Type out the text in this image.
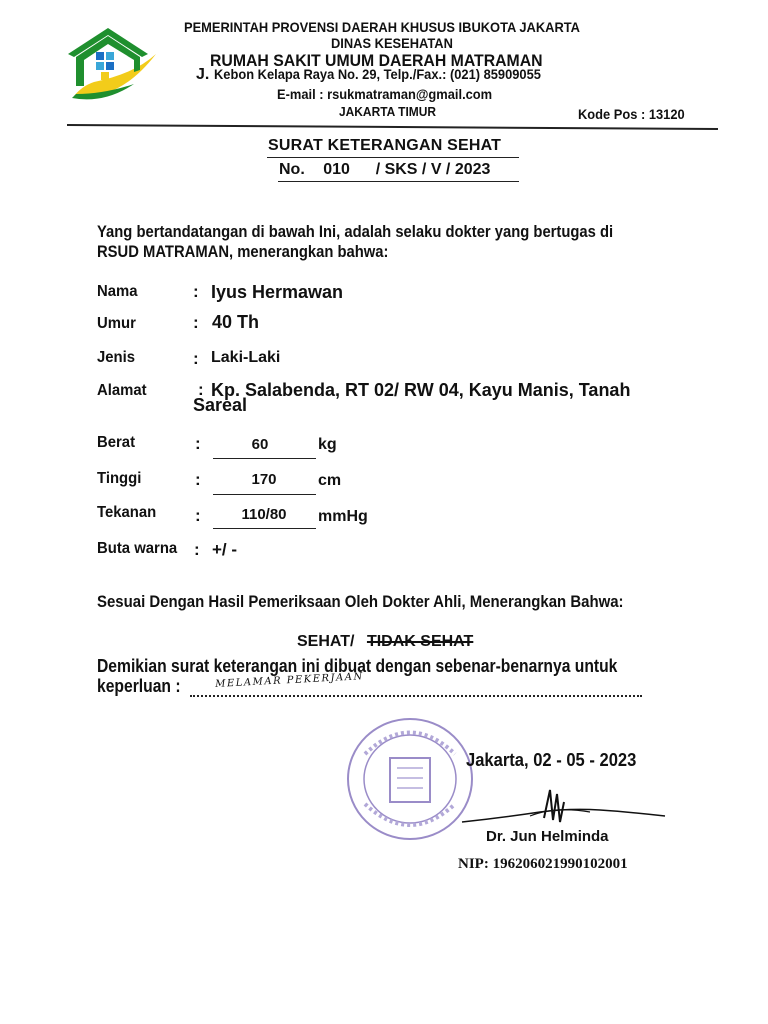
PEMERINTAH PROVENSI DAERAH KHUSUS IBUKOTA JAKARTA
DINAS KESEHATAN
RUMAH SAKIT UMUM DAERAH MATRAMAN
J. Kebon Kelapa Raya No. 29, Telp./Fax.: (021) 85909055
E-mail : rsukmatraman@gmail.com
JAKARTA TIMUR	Kode Pos : 13120
SURAT KETERANGAN SEHAT
No. 010 / SKS / V / 2023
Yang bertandatangan di bawah Ini, adalah selaku dokter yang bertugas di
RSUD MATRAMAN, menerangkan bahwa:
Nama	: Iyus Hermawan
Umur	: 40 Th
Jenis	: Laki-Laki
Alamat	: Kp. Salabenda, RT 02/ RW 04, Kayu Manis, Tanah
Sareal
Berat	:	60	kg
Tinggi	:	170	cm
Tekanan :	110/80	mmHg
Buta warna : +/ -
Sesuai Dengan Hasil Pemeriksaan Oleh Dokter Ahli, Menerangkan Bahwa:
SEHAT/ TIDAK SEHAT
Demikian surat keterangan ini dibuat dengan sebenar-benarnya untuk
keperluan :	MELAMAR PEKERJAAN
Jakarta, 02 - 05 - 2023
Dr. Jun Helminda
NIP: 196206021990102001
